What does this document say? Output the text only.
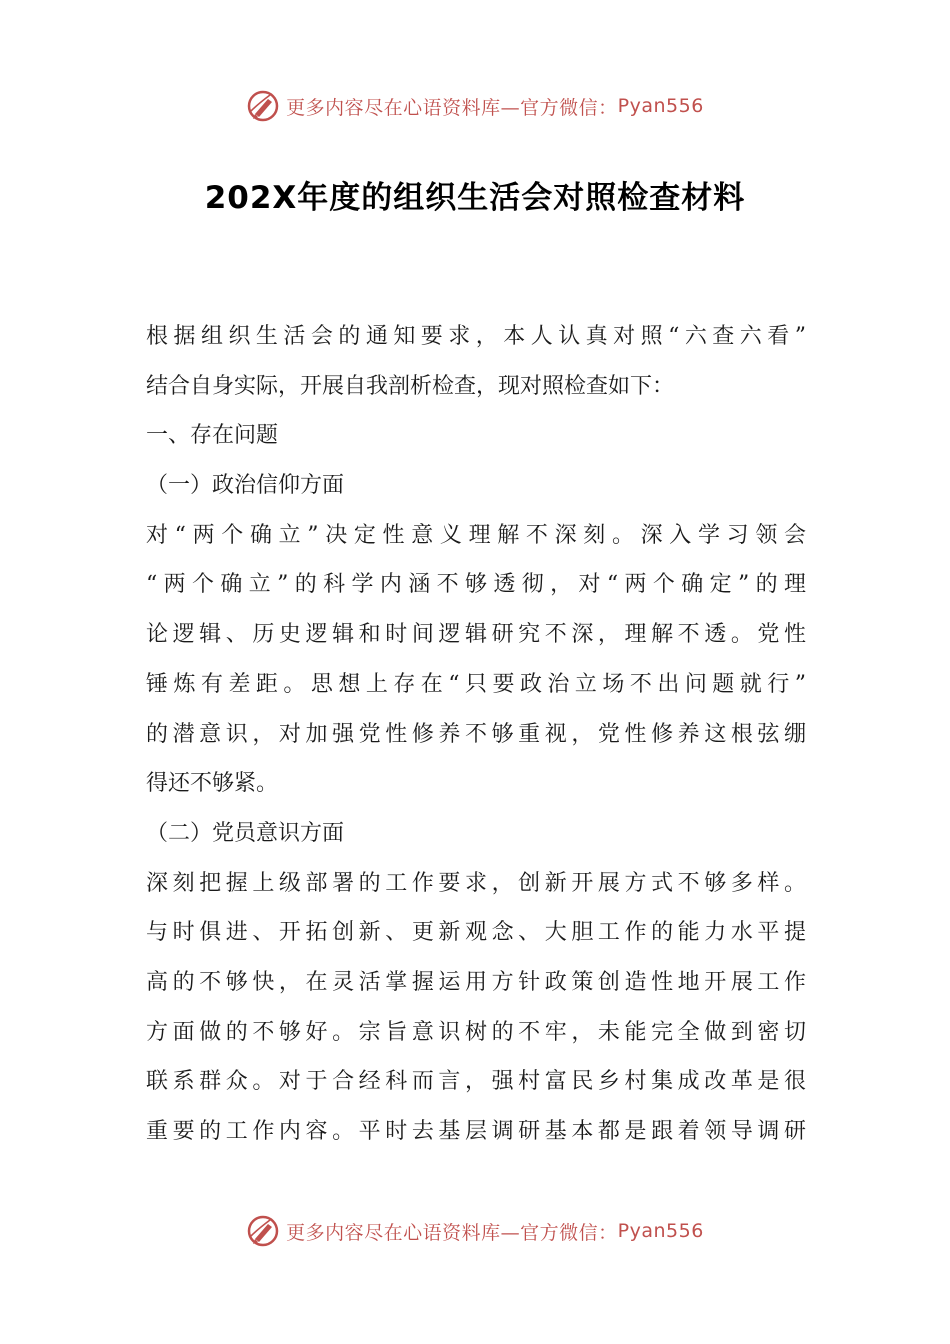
更多内容尽在心语资料库—官方微信： Pyan556
202X年度的组织生活会对照检查材料
根据组织生活会的通知要求，本人认真对照“六查六看”
结合自身实际，开展自我剖析检查，现对照检查如下：
一、存在问题
（一）政治信仰方面
对“两个确立”决定性意义理解不深刻。深入学习领会
“两个确立”的科学内涵不够透彻，对“两个确定”的理
论逻辑、历史逻辑和时间逻辑研究不深，理解不透。党性
锤炼有差距。思想上存在“只要政治立场不出问题就行”
的潜意识，对加强党性修养不够重视，党性修养这根弦绷
得还不够紧。
（二）党员意识方面
深刻把握上级部署的工作要求，创新开展方式不够多样。
与时俱进、开拓创新、更新观念、大胆工作的能力水平提
高的不够快，在灵活掌握运用方针政策创造性地开展工作
方面做的不够好。宗旨意识树的不牢，未能完全做到密切
联系群众。对于合经科而言，强村富民乡村集成改革是很
重要的工作内容。平时去基层调研基本都是跟着领导调研
更多内容尽在心语资料库—官方微信： Pyan556
